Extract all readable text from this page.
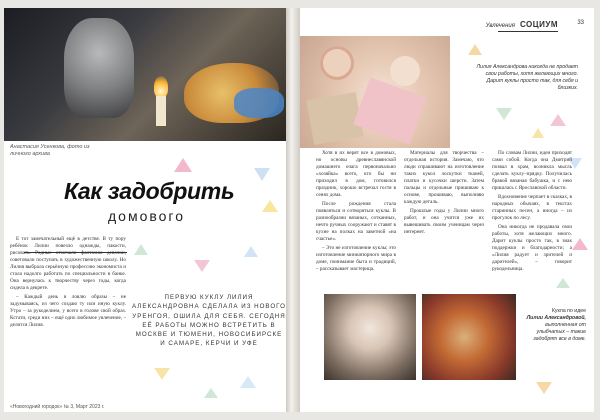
Анастасия Усенкова, фото из личного архива
Как задобрить
домового

Е тот замечательный ещё в детстве. В ту пору ребёнок Лилии повезло однажды, пакости, рисовать. Родные отмечали фантазию девочки, советовали поступать в художественную школу. Но Лилия выбрала серьёзную профессию экономиста и стала надолго работать по специальности в банке. Она вернулась к творчеству через годы, когда сидела в декрете.

– Каждый день я ловлю образы – не задумываясь, из чего создаю ту или иную куклу. Утро – за рукоделием, у всего в голове свой образ. Кстати, среди них – ещё одно любимое увлечение, – делится Лилия.

ПЕРВУЮ КУКЛУ ЛИЛИЯ АЛЕКСАНДРОВНА СДЕЛАЛА ИЗ НОВОГО УРЕНГОЯ, ОШИЛА ДЛЯ СЕБЯ. СЕГОДНЯ ЕЁ РАБОТЫ МОЖНО ВСТРЕТИТЬ В МОСКВЕ И ТЮМЕНИ, НОВОСИБИРСКЕ И САМАРЕ, КЕРЧИ И УФЕ
«Новогодний городок» № 3, Март 2023 г.
Увлечения СОЦИУМ	33
Лилия Александрова никогда не продает свои работы, хотя желающих много. Дарит куклы просто так, для себя и близких.

Хотя в их верят все в домовых, но основы древнеславянской домашнего очага первоначально «хозяйка» всего, кто бы ни приходил в дом, готовился праздник, хорошо встречал гостя в сенях дома.

После рождения стала появляться и сотворяться куклы. В разнообразии вязаных, сотканных, нечто ручных сооружают и ставят в кухне на полках на заветной «на счастье».

– Это не изготовление куклы; это изготовление миниатюрного мира в доме, понимание быта и традиций, – рассказывает мастерица.

Материалы для творчества – отдельная история. Замечаю, что люди спрашивают на изготовление таких кукол лоскутки тканей, платки и кусочки шерсти. Затем пальцы и отдельные пришиваю к основе, прошиваю, выполняю каждую деталь.

Прошлые годы у Лилии много работ, и она учится уже их вывешивать своим ученицам через интернет.

По словам Лилии, идеи приходят сами собой. Когда она Дмитрий позвал в храм, возникла мысль сделать куклу–прядку. Получилась бравой вязаная бабушка, и с нею пришлась с Ярославской области.

Вдохновение черпает в сказках, в народных обычаях, в текстах старинных песен, а иногда – из прогулок по лесу.

Она никогда не продавала свои работы, хотя желающих много. Дарит куклы просто так, в знак поддержки и благодарности; а «Лилия радует и зрителей и дарителей», – говорит рукодельница.

Кукла по идее
Лилии Александровой,
выполненная от улыбчатых – такие задобрят все в доме.
